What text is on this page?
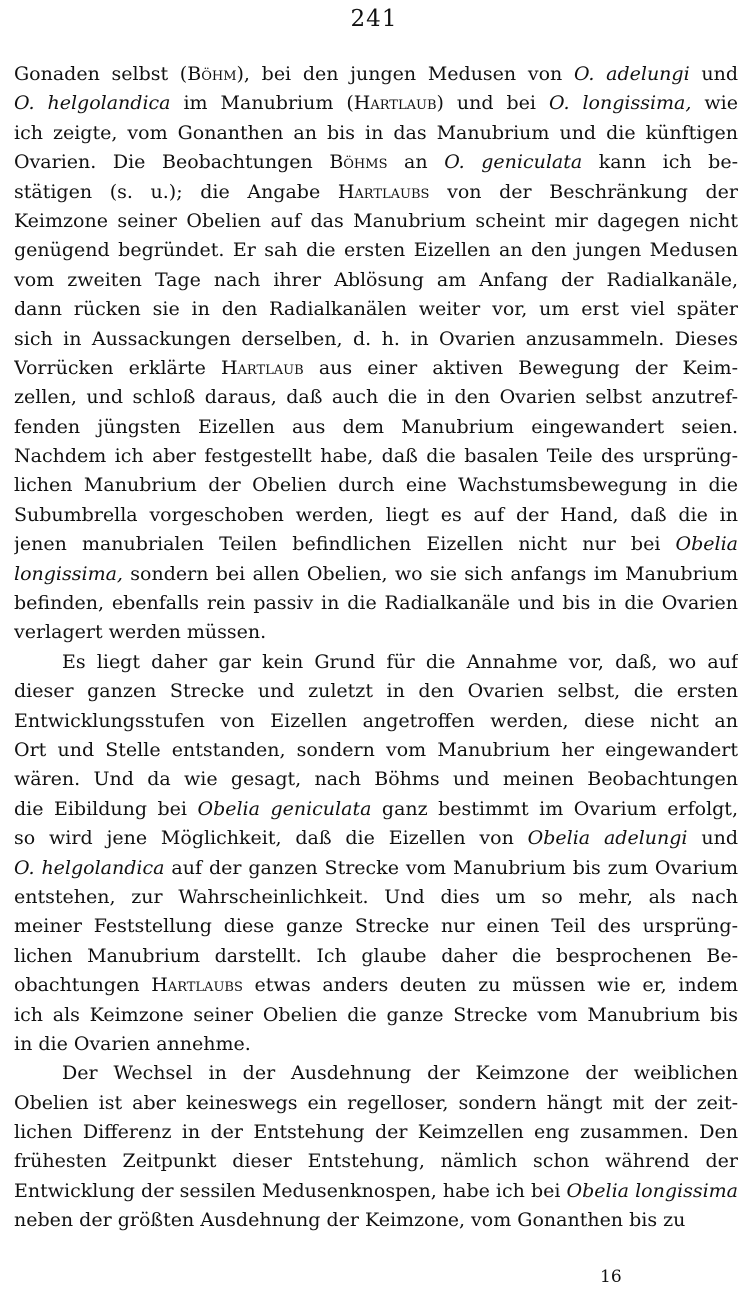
241
Gonaden selbst (Böhm), bei den jungen Medusen von O. adelungi und
O. helgolandica im Manubrium (Hartlaub) und bei O. longissima, wie
ich zeigte, vom Gonanthen an bis in das Manubrium und die künftigen
Ovarien. Die Beobachtungen Böhms an O. geniculata kann ich be-
stätigen (s. u.); die Angabe Hartlaubs von der Beschränkung der
Keimzone seiner Obelien auf das Manubrium scheint mir dagegen nicht
genügend begründet. Er sah die ersten Eizellen an den jungen Medusen
vom zweiten Tage nach ihrer Ablösung am Anfang der Radialkanäle,
dann rücken sie in den Radialkanälen weiter vor, um erst viel später
sich in Aussackungen derselben, d. h. in Ovarien anzusammeln. Dieses
Vorrücken erklärte Hartlaub aus einer aktiven Bewegung der Keim-
zellen, und schloß daraus, daß auch die in den Ovarien selbst anzutref-
fenden jüngsten Eizellen aus dem Manubrium eingewandert seien.
Nachdem ich aber festgestellt habe, daß die basalen Teile des ursprüng-
lichen Manubrium der Obelien durch eine Wachstumsbewegung in die
Subumbrella vorgeschoben werden, liegt es auf der Hand, daß die in
jenen manubrialen Teilen befindlichen Eizellen nicht nur bei Obelia
longissima, sondern bei allen Obelien, wo sie sich anfangs im Manubrium
befinden, ebenfalls rein passiv in die Radialkanäle und bis in die Ovarien
verlagert werden müssen.
Es liegt daher gar kein Grund für die Annahme vor, daß, wo auf
dieser ganzen Strecke und zuletzt in den Ovarien selbst, die ersten
Entwicklungsstufen von Eizellen angetroffen werden, diese nicht an
Ort und Stelle entstanden, sondern vom Manubrium her eingewandert
wären. Und da wie gesagt, nach Böhms und meinen Beobachtungen
die Eibildung bei Obelia geniculata ganz bestimmt im Ovarium erfolgt,
so wird jene Möglichkeit, daß die Eizellen von Obelia adelungi und
O. helgolandica auf der ganzen Strecke vom Manubrium bis zum Ovarium
entstehen, zur Wahrscheinlichkeit. Und dies um so mehr, als nach
meiner Feststellung diese ganze Strecke nur einen Teil des ursprüng-
lichen Manubrium darstellt. Ich glaube daher die besprochenen Be-
obachtungen Hartlaubs etwas anders deuten zu müssen wie er, indem
ich als Keimzone seiner Obelien die ganze Strecke vom Manubrium bis
in die Ovarien annehme.
Der Wechsel in der Ausdehnung der Keimzone der weiblichen
Obelien ist aber keineswegs ein regelloser, sondern hängt mit der zeit-
lichen Differenz in der Entstehung der Keimzellen eng zusammen. Den
frühesten Zeitpunkt dieser Entstehung, nämlich schon während der
Entwicklung der sessilen Medusenknospen, habe ich bei Obelia longissima
neben der größten Ausdehnung der Keimzone, vom Gonanthen bis zu
16
